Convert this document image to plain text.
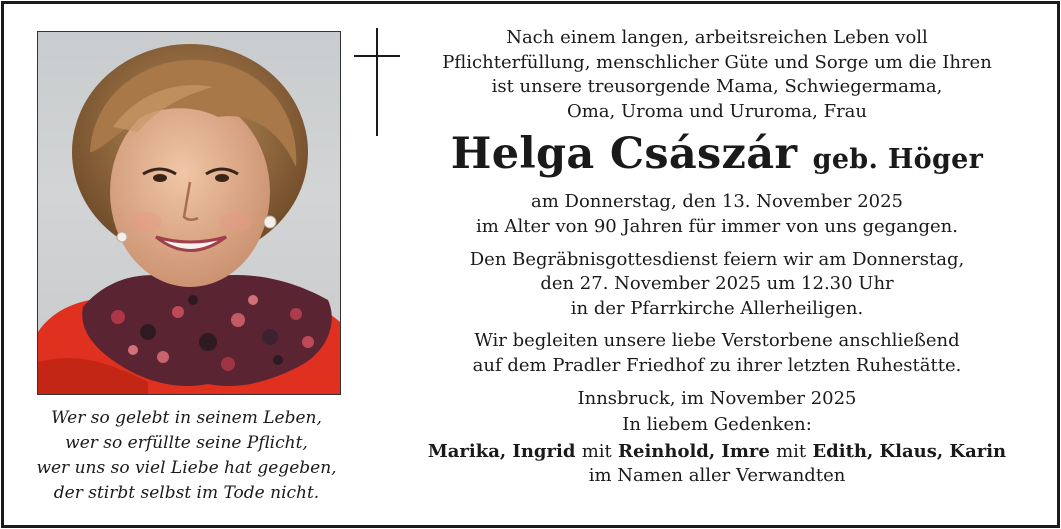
Wer so gelebt in seinem Leben,
wer so erfüllte seine Pflicht,
wer uns so viel Liebe hat gegeben,
der stirbt selbst im Tode nicht.

Nach einem langen, arbeitsreichen Leben voll

Pflichterfüllung, menschlicher Güte und Sorge um die Ihren

ist unsere treusorgende Mama, Schwiegermama,

Oma, Uroma und Ururoma, Frau

Helga Császár geb. Höger

am Donnerstag, den 13. November 2025

im Alter von 90 Jahren für immer von uns gegangen.

Den Begräbnisgottesdienst feiern wir am Donnerstag,

den 27. November 2025 um 12.30 Uhr

in der Pfarrkirche Allerheiligen.

Wir begleiten unsere liebe Verstorbene anschließend

auf dem Pradler Friedhof zu ihrer letzten Ruhestätte.

Innsbruck, im November 2025

In liebem Gedenken:

Marika, Ingrid mit Reinhold, Imre mit Edith, Klaus, Karin

im Namen aller Verwandten
